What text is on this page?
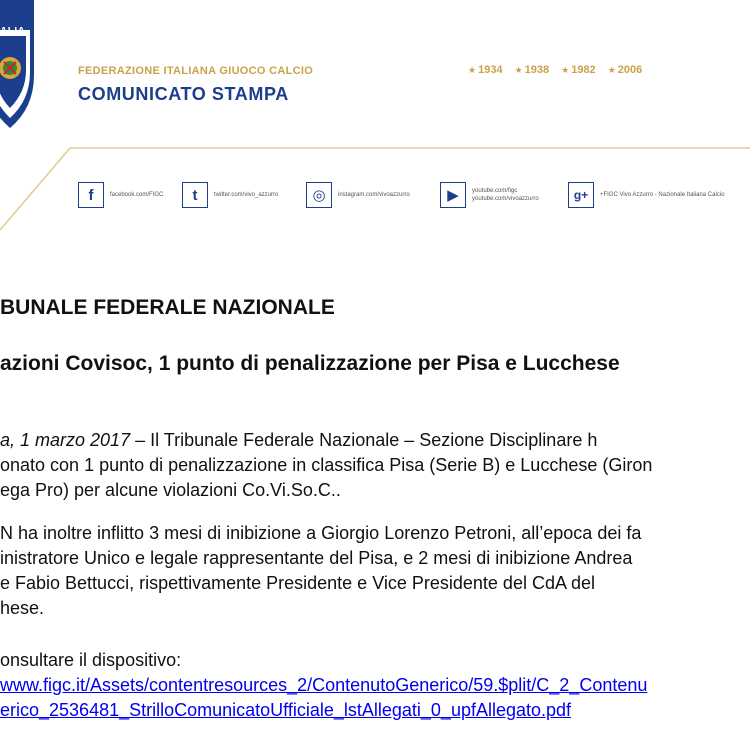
ALIA
FEDERAZIONE ITALIANA GIUOCO CALCIO
COMUNICATO STAMPA
★ 1934	★ 1938	★ 1982	★ 2006
f	facebook.com/FIGC	t	twitter.com/vivo_azzurro	◎	instagram.com/vivoazzurro	▶	youtube.com/figc youtube.com/vivoazzurro	g+	+FIGC Vivo Azzurro - Nazionale Italiana Calcio
BUNALE FEDERALE NAZIONALE
azioni Covisoc, 1 punto di penalizzazione per Pisa e Lucchese
a, 1 marzo 2017 – Il Tribunale Federale Nazionale – Sezione Disciplinare h
onato con 1 punto di penalizzazione in classifica Pisa (Serie B) e Lucchese (Giron
ega Pro) per alcune violazioni Co.Vi.So.C..
N ha inoltre inflitto 3 mesi di inibizione a Giorgio Lorenzo Petroni, all’epoca dei fa
inistratore Unico e legale rappresentante del Pisa, e 2 mesi di inibizione Andrea
e Fabio Bettucci, rispettivamente Presidente e Vice Presidente del CdA del
hese.
onsultare il dispositivo:
www.figc.it/Assets/contentresources_2/ContenutoGenerico/59.$plit/C_2_Contenu
erico_2536481_StrilloComunicatoUfficiale_lstAllegati_0_upfAllegato.pdf
